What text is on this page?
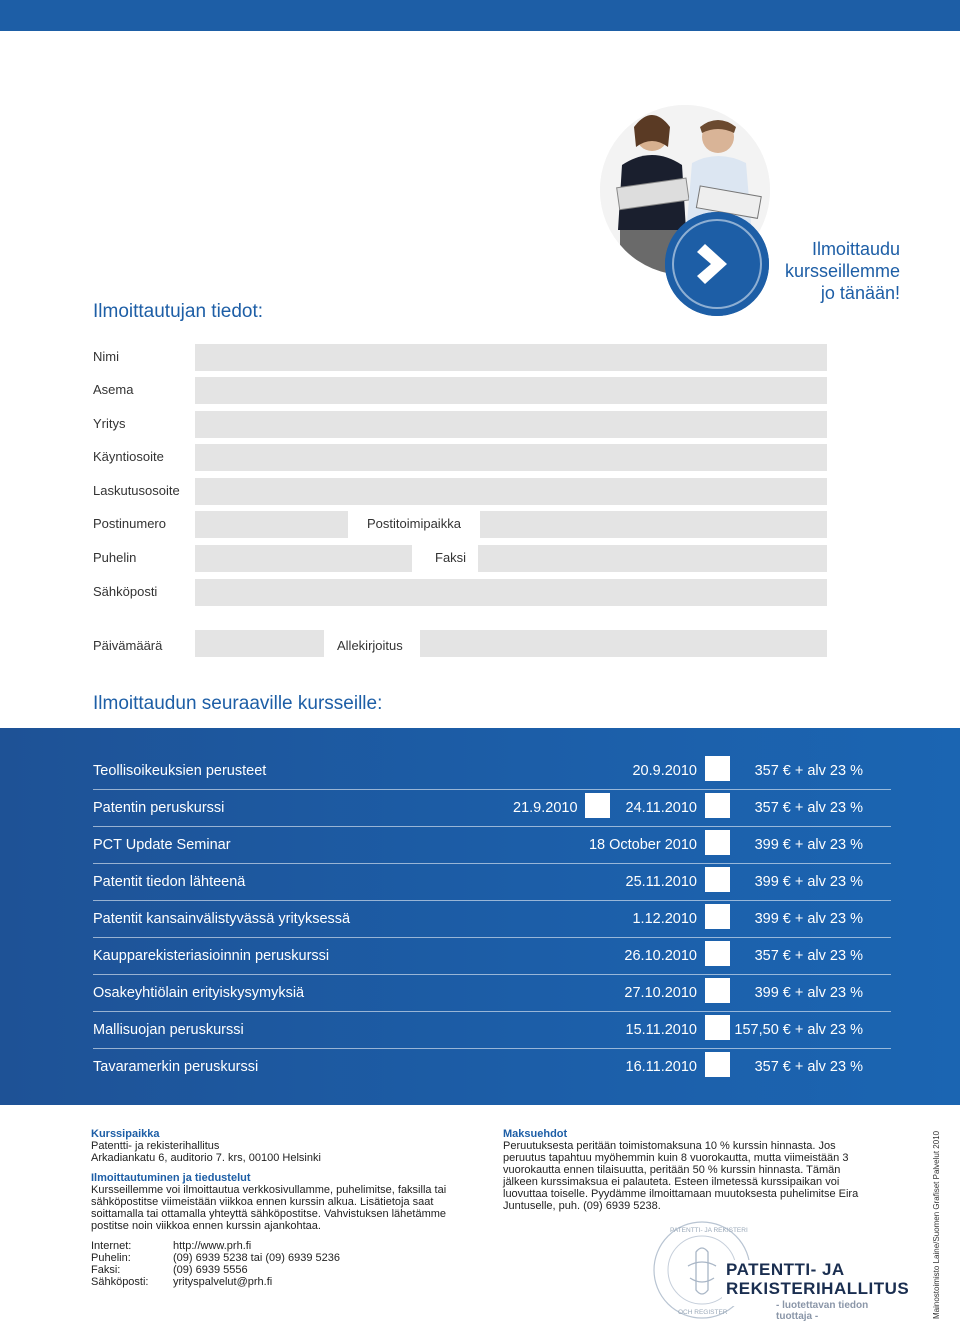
Ilmoittaudu
kursseillemme
jo tänään!
Ilmoittautujan tiedot:
Nimi
Asema
Yritys
Käyntiosoite
Laskutusosoite
Postinumero	Postitoimipaikka
Puhelin	Faksi
Sähköposti
Päivämäärä	Allekirjoitus
Ilmoittaudun seuraaville kursseille:
Teollisoikeuksien perusteet	20.9.2010	357 € + alv 23 %
Patentin peruskurssi	21.9.2010	24.11.2010	357 € + alv 23 %
PCT Update Seminar	18 October 2010	399 € + alv 23 %
Patentit tiedon lähteenä	25.11.2010	399 € + alv 23 %
Patentit kansainvälistyvässä yrityksessä	1.12.2010	399 € + alv 23 %
Kaupparekisteriasioinnin peruskurssi	26.10.2010	357 € + alv 23 %
Osakeyhtiölain erityiskysymyksiä	27.10.2010	399 € + alv 23 %
Mallisuojan peruskurssi	15.11.2010	157,50 € + alv 23 %
Tavaramerkin peruskurssi	16.11.2010	357 € + alv 23 %
Kurssipaikka
Patentti- ja rekisterihallitus
Arkadiankatu 6, auditorio 7. krs, 00100 Helsinki
Ilmoittautuminen ja tiedustelut
Kursseillemme voi ilmoittautua verkkosivullamme, puhelimitse, faksilla tai sähköpostitse viimeistään viikkoa ennen kurssin alkua. Lisätietoja saat soittamalla tai ottamalla yhteyttä sähköpostitse. Vahvistuksen lähetämme postitse noin viikkoa ennen kurssin ajankohtaa.
Internet:	http://www.prh.fi
Puhelin:	(09) 6939 5238 tai (09) 6939 5236
Faksi:	(09) 6939 5556
Sähköposti:	yrityspalvelut@prh.fi
Maksuehdot
Peruutuksesta peritään toimistomaksuna 10 % kurssin hinnasta. Jos peruutus tapahtuu myöhemmin kuin 8 vuorokautta, mutta viimeistään 3 vuorokautta ennen tilaisuutta, peritään 50 % kurssin hinnasta. Tämän jälkeen kurssimaksua ei palauteta. Esteen ilmetessä kurssipaikan voi luovuttaa toiselle. Pyydämme ilmoittamaan muutoksesta puhelimitse Eira Juntuselle, puh. (09) 6939 5238.
PATENTTI- JA REKISTERI
OCH REGISTER
PATENTTI- JA
REKISTERIHALLITUS
- luotettavan tiedon tuottaja -	Mainostoimisto Laine/Suomen Grafiset Palvelut 2010
